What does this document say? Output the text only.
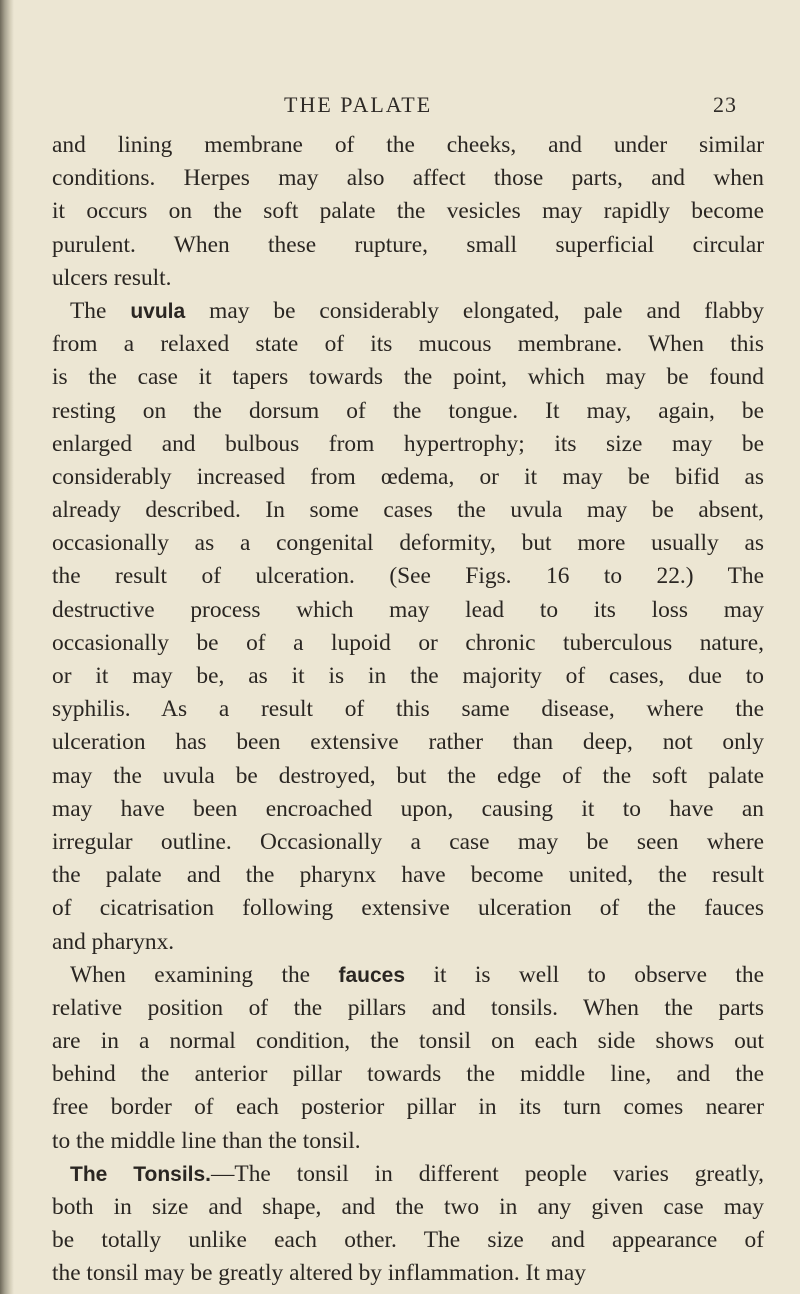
THE PALATE	23
and lining membrane of the cheeks, and under similar
conditions. Herpes may also affect those parts, and when
it occurs on the soft palate the vesicles may rapidly become
purulent. When these rupture, small superficial circular
ulcers result.
The uvula may be considerably elongated, pale and flabby
from a relaxed state of its mucous membrane. When this
is the case it tapers towards the point, which may be found
resting on the dorsum of the tongue. It may, again, be
enlarged and bulbous from hypertrophy; its size may be
considerably increased from œdema, or it may be bifid as
already described. In some cases the uvula may be absent,
occasionally as a congenital deformity, but more usually as
the result of ulceration. (See Figs. 16 to 22.) The
destructive process which may lead to its loss may
occasionally be of a lupoid or chronic tuberculous nature,
or it may be, as it is in the majority of cases, due to
syphilis. As a result of this same disease, where the
ulceration has been extensive rather than deep, not only
may the uvula be destroyed, but the edge of the soft palate
may have been encroached upon, causing it to have an
irregular outline. Occasionally a case may be seen where
the palate and the pharynx have become united, the result
of cicatrisation following extensive ulceration of the fauces
and pharynx.
When examining the fauces it is well to observe the
relative position of the pillars and tonsils. When the parts
are in a normal condition, the tonsil on each side shows out
behind the anterior pillar towards the middle line, and the
free border of each posterior pillar in its turn comes nearer
to the middle line than the tonsil.
The Tonsils.—The tonsil in different people varies greatly,
both in size and shape, and the two in any given case may
be totally unlike each other. The size and appearance of
the tonsil may be greatly altered by inflammation. It may
